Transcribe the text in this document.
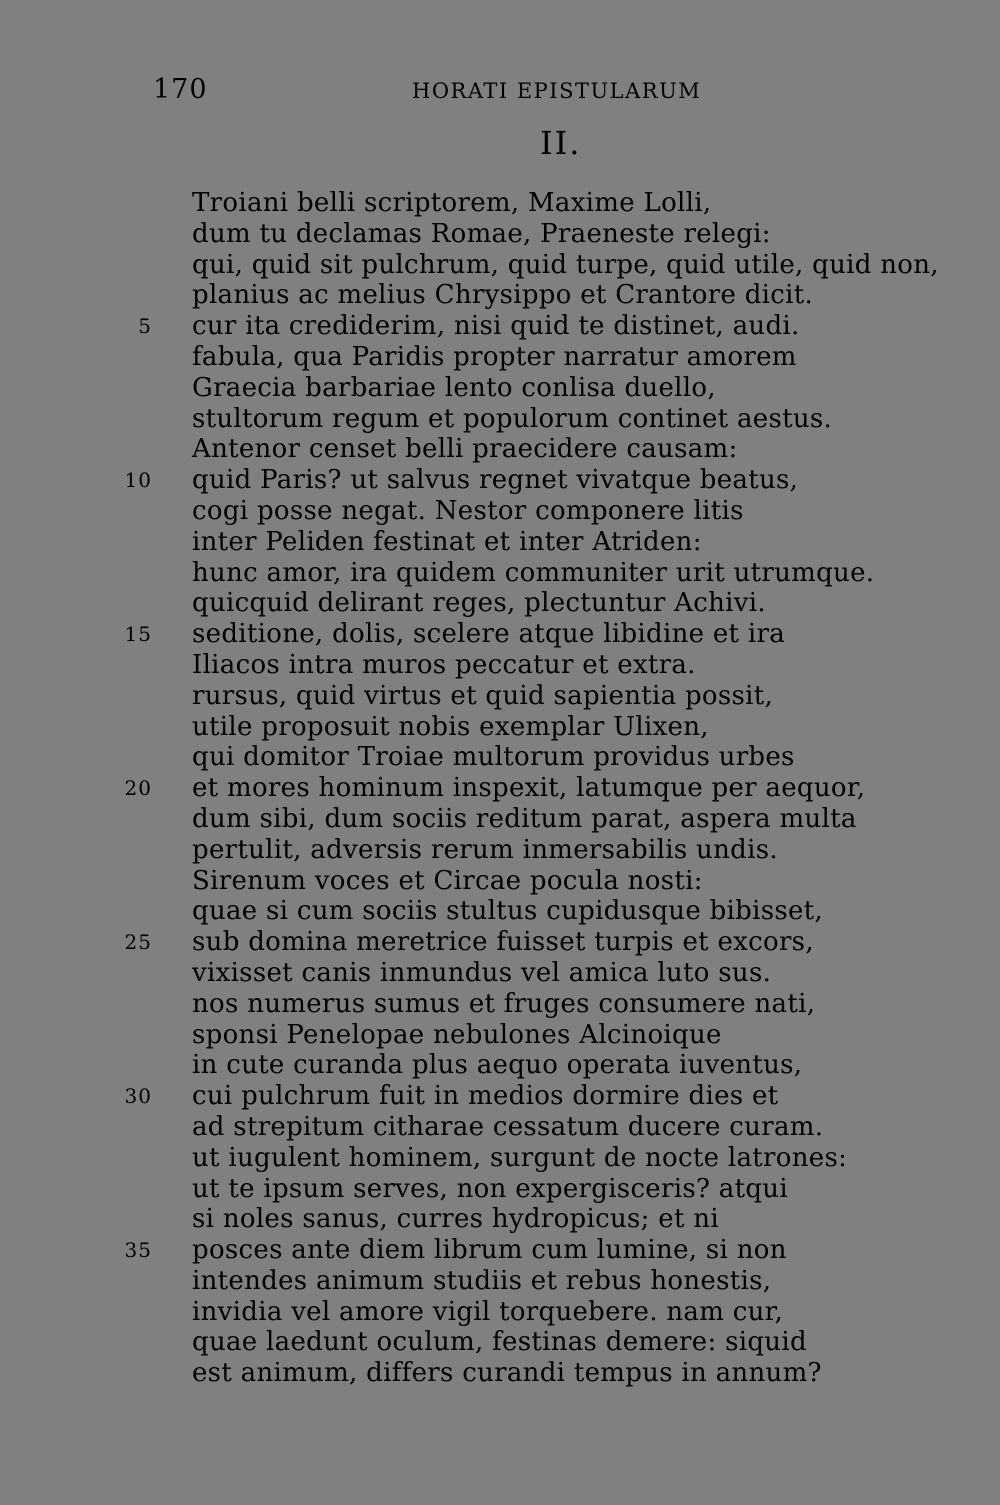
170	HORATI EPISTULARUM
II.
Troiani belli scriptorem, Maxime Lolli,
dum tu declamas Romae, Praeneste relegi:
qui, quid sit pulchrum, quid turpe, quid utile, quid non,
planius ac melius Chrysippo et Crantore dicit.
5 cur ita crediderim, nisi quid te distinet, audi.
fabula, qua Paridis propter narratur amorem
Graecia barbariae lento conlisa duello,
stultorum regum et populorum continet aestus.
Antenor censet belli praecidere causam:
10 quid Paris? ut salvus regnet vivatque beatus,
cogi posse negat. Nestor componere litis
inter Peliden festinat et inter Atriden:
hunc amor, ira quidem communiter urit utrumque.
quicquid delirant reges, plectuntur Achivi.
15 seditione, dolis, scelere atque libidine et ira
Iliacos intra muros peccatur et extra.
rursus, quid virtus et quid sapientia possit,
utile proposuit nobis exemplar Ulixen,
qui domitor Troiae multorum providus urbes
20 et mores hominum inspexit, latumque per aequor,
dum sibi, dum sociis reditum parat, aspera multa
pertulit, adversis rerum inmersabilis undis.
Sirenum voces et Circae pocula nosti:
quae si cum sociis stultus cupidusque bibisset,
25 sub domina meretrice fuisset turpis et excors,
vixisset canis inmundus vel amica luto sus.
nos numerus sumus et fruges consumere nati,
sponsi Penelopae nebulones Alcinoique
in cute curanda plus aequo operata iuventus,
30 cui pulchrum fuit in medios dormire dies et
ad strepitum citharae cessatum ducere curam.
ut iugulent hominem, surgunt de nocte latrones:
ut te ipsum serves, non expergisceris? atqui
si noles sanus, curres hydropicus; et ni
35 posces ante diem librum cum lumine, si non
intendes animum studiis et rebus honestis,
invidia vel amore vigil torquebere. nam cur,
quae laedunt oculum, festinas demere: siquid
est animum, differs curandi tempus in annum?
